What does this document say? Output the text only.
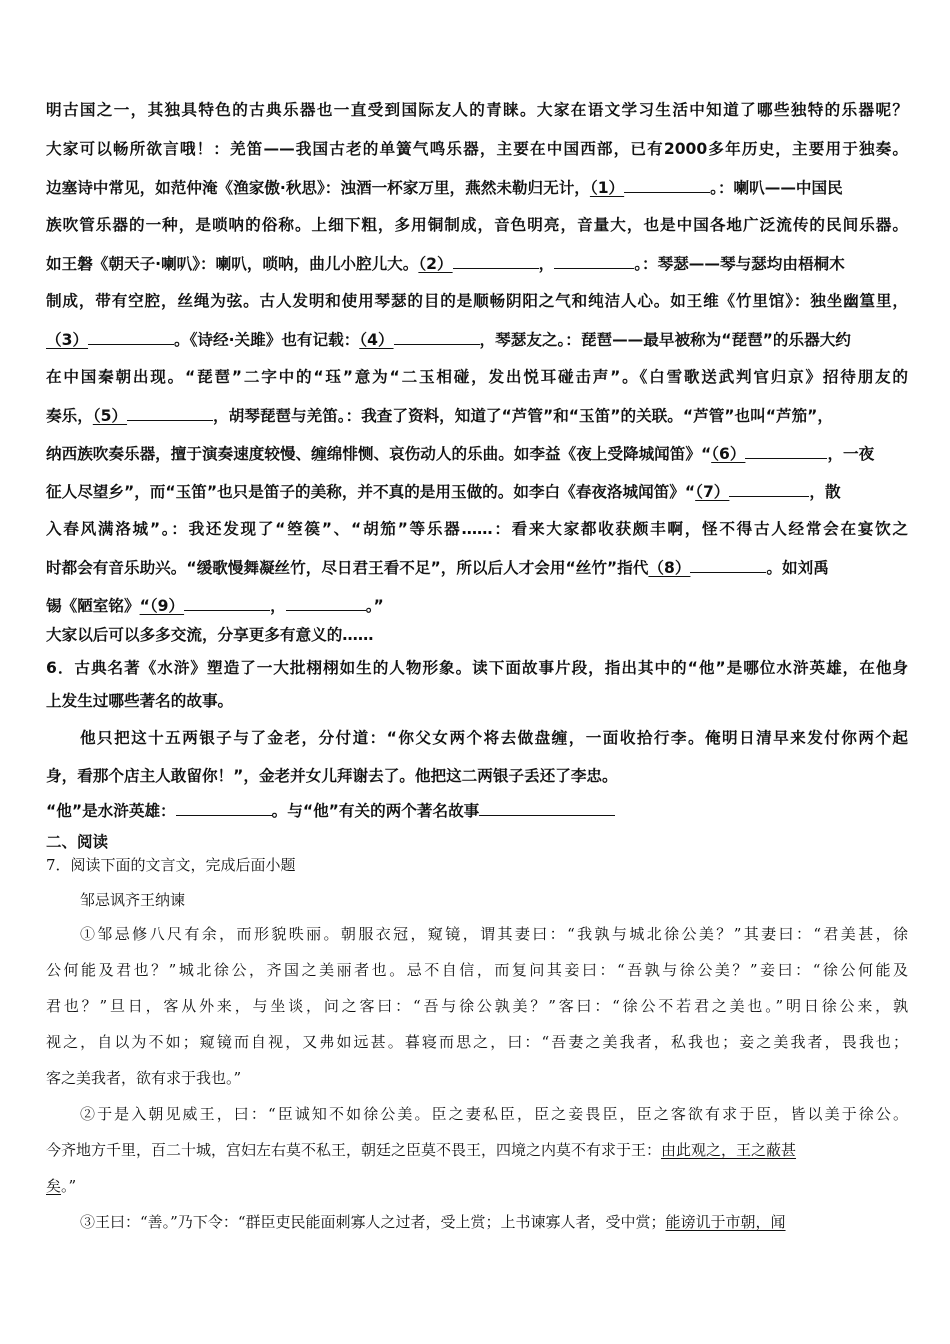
明古国之一，其独具特色的古典乐器也一直受到国际友人的青睐。大家在语文学习生活中知道了哪些独特的乐器呢？
大家可以畅所欲言哦！：羌笛——我国古老的单簧气鸣乐器，主要在中国西部，已有2000多年历史，主要用于独奏。
边塞诗中常见，如范仲淹《渔家傲·秋思》：浊酒一杯家万里，燕然未勒归无计，（1）	。：喇叭——中国民
族吹管乐器的一种，是唢呐的俗称。上细下粗，多用铜制成，音色明亮，音量大，也是中国各地广泛流传的民间乐器。
如王磐《朝天子·喇叭》：喇叭，唢呐，曲儿小腔儿大。（2）	，	。：琴瑟——琴与瑟均由梧桐木
制成，带有空腔，丝绳为弦。古人发明和使用琴瑟的目的是顺畅阴阳之气和纯洁人心。如王维《竹里馆》：独坐幽篁里，
（3）	。《诗经·关雎》也有记载：（4）	，琴瑟友之。：琵琶——最早被称为“琵琶”的乐器大约
在中国秦朝出现。“琵琶”二字中的“珏”意为“二玉相碰，发出悦耳碰击声”。《白雪歌送武判官归京》招待朋友的
奏乐，（5）	，胡琴琵琶与羌笛。：我查了资料，知道了“芦管”和“玉笛”的关联。“芦管”也叫“芦笳”，
纳西族吹奏乐器，擅于演奏速度较慢、缠绵悱恻、哀伤动人的乐曲。如李益《夜上受降城闻笛》“（6）	，一夜
征人尽望乡”，而“玉笛”也只是笛子的美称，并不真的是用玉做的。如李白《春夜洛城闻笛》“（7）	，散
入春风满洛城”。：我还发现了“箜篌”、“胡笳”等乐器……：看来大家都收获颇丰啊，怪不得古人经常会在宴饮之
时都会有音乐助兴。“缓歌慢舞凝丝竹，尽日君王看不足”，所以后人才会用“丝竹”指代（8）	。如刘禹
锡《陋室铭》“（9）	，	。”
大家以后可以多多交流，分享更多有意义的……
6．古典名著《水浒》塑造了一大批栩栩如生的人物形象。读下面故事片段，指出其中的“他”是哪位水浒英雄，在他身
上发生过哪些著名的故事。
他只把这十五两银子与了金老，分付道：“你父女两个将去做盘缠，一面收拾行李。俺明日清早来发付你两个起
身，看那个店主人敢留你！”，金老并女儿拜谢去了。他把这二两银子丢还了李忠。
“他”是水浒英雄：	。与“他”有关的两个著名故事
二、阅读
7．阅读下面的文言文，完成后面小题
邹忌讽齐王纳谏
①邹忌修八尺有余，而形貌昳丽。朝服衣冠，窥镜，谓其妻曰：“我孰与城北徐公美？”其妻曰：“君美甚，徐
公何能及君也？”城北徐公，齐国之美丽者也。忌不自信，而复问其妾曰：“吾孰与徐公美？”妾曰：“徐公何能及
君也？”旦日，客从外来，与坐谈，问之客曰：“吾与徐公孰美？”客曰：“徐公不若君之美也。”明日徐公来，孰
视之，自以为不如；窥镜而自视，又弗如远甚。暮寝而思之，曰：“吾妻之美我者，私我也；妾之美我者，畏我也；
客之美我者，欲有求于我也。”
②于是入朝见威王，曰：“臣诚知不如徐公美。臣之妻私臣，臣之妾畏臣，臣之客欲有求于臣，皆以美于徐公。
今齐地方千里，百二十城，宫妇左右莫不私王，朝廷之臣莫不畏王，四境之内莫不有求于王：由此观之，王之蔽甚
矣。”
③王曰：“善。”乃下令：“群臣吏民能面刺寡人之过者，受上赏；上书谏寡人者，受中赏；能谤讥于市朝，闻
